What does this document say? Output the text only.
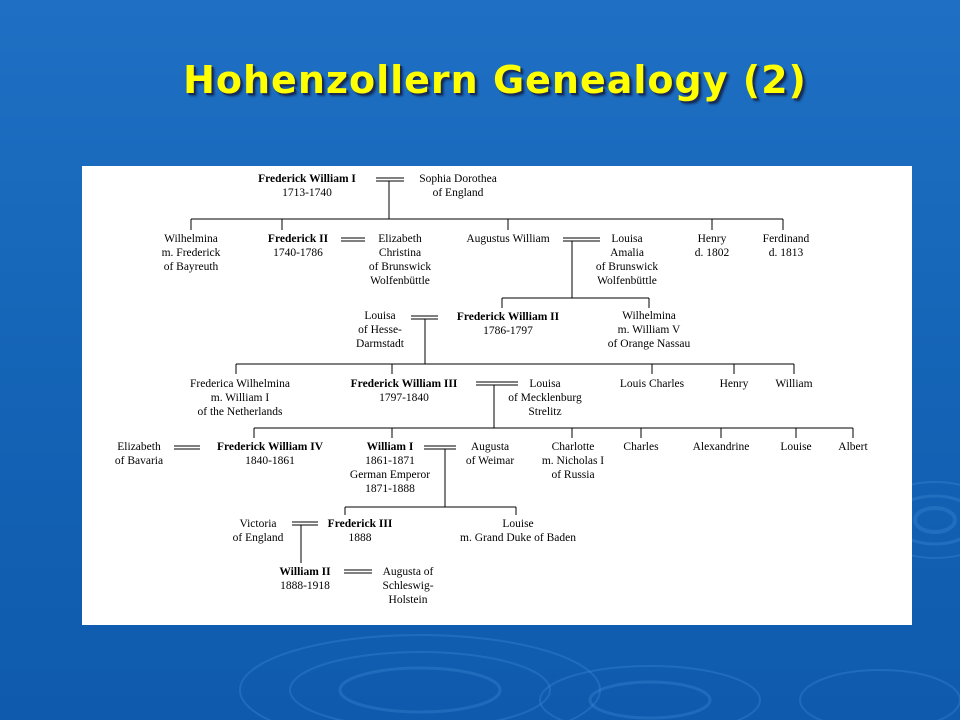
Hohenzollern Genealogy (2)
Frederick William I
1713-1740
Sophia Dorothea
of England
Wilhelmina
m. Frederick
of Bayreuth
Frederick II
1740-1786
Elizabeth
Christina
of Brunswick
Wolfenbüttle
Augustus William	Louisa
Amalia
of Brunswick
Wolfenbüttle
Henry
d. 1802
Ferdinand
d. 1813
Louisa
of Hesse-
Darmstadt
Frederick William II
1786-1797
Wilhelmina
m. William V
of Orange Nassau
Frederica Wilhelmina
m. William I
of the Netherlands
Frederick William III
1797-1840
Louisa
of Mecklenburg
Strelitz
Louis Charles	Henry William
Elizabeth
of Bavaria
Frederick William IV
1840-1861
William I
1861-1871
German Emperor
1871-1888
Augusta
of Weimar
Charlotte
m. Nicholas I
of Russia
Charles	Alexandrine	Louise Albert
Victoria
of England
Frederick III
1888
Louise
m. Grand Duke of Baden
William II
1888-1918
Augusta of
Schleswig-
Holstein
